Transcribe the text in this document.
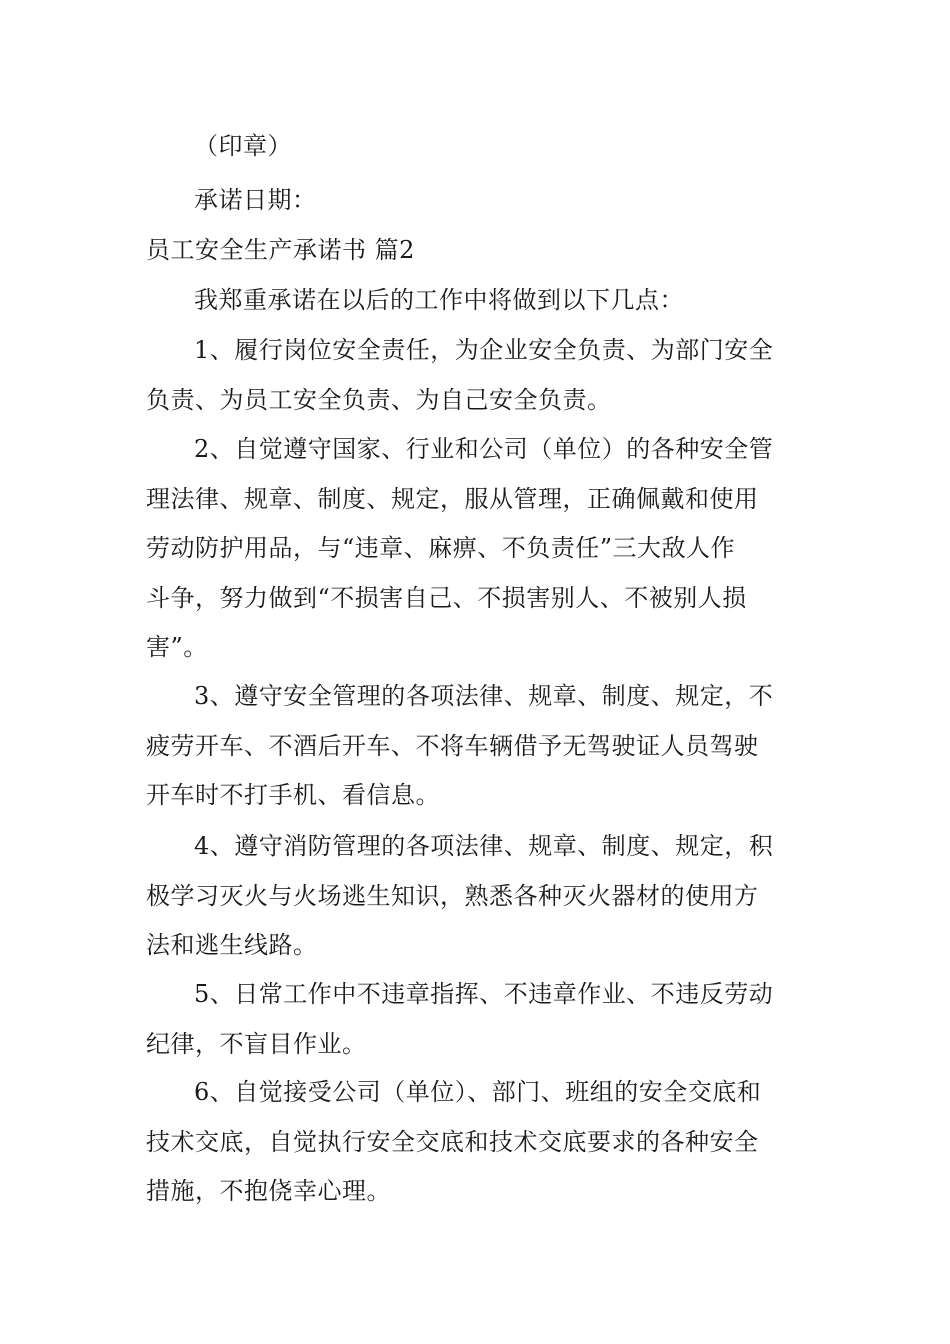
（印章）

承诺日期：

员工安全生产承诺书 篇2

我郑重承诺在以后的工作中将做到以下几点：

1、履行岗位安全责任，为企业安全负责、为部门安全
负责、为员工安全负责、为自己安全负责。

2、自觉遵守国家、行业和公司（单位）的各种安全管
理法律、规章、制度、规定，服从管理，正确佩戴和使用
劳动防护用品，与“违章、麻痹、不负责任”三大敌人作
斗争，努力做到“不损害自己、不损害别人、不被别人损
害”。

3、遵守安全管理的各项法律、规章、制度、规定，不
疲劳开车、不酒后开车、不将车辆借予无驾驶证人员驾驶
开车时不打手机、看信息。

4、遵守消防管理的各项法律、规章、制度、规定，积
极学习灭火与火场逃生知识，熟悉各种灭火器材的使用方
法和逃生线路。

5、日常工作中不违章指挥、不违章作业、不违反劳动
纪律，不盲目作业。

6、自觉接受公司（单位）、部门、班组的安全交底和
技术交底，自觉执行安全交底和技术交底要求的各种安全
措施，不抱侥幸心理。
